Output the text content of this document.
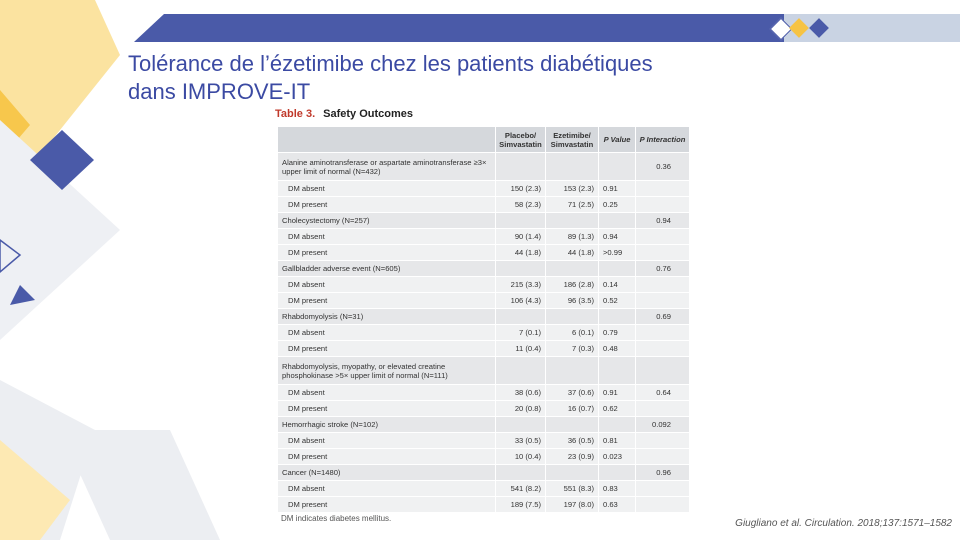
Tolérance de l’ézetimibe chez les patients diabétiques
dans IMPROVE-IT
Table 3. Safety Outcomes
	Placebo/ Simvastatin	Ezetimibe/ Simvastatin	P Value	P Interaction
Alanine aminotransferase or aspartate aminotransferase ≥3× upper limit of normal (N=432)				0.36
DM absent	150 (2.3)	153 (2.3)	0.91	
DM present	58 (2.3)	71 (2.5)	0.25	
Cholecystectomy (N=257)				0.94
DM absent	90 (1.4)	89 (1.3)	0.94	
DM present	44 (1.8)	44 (1.8)	>0.99	
Gallbladder adverse event (N=605)				0.76
DM absent	215 (3.3)	186 (2.8)	0.14	
DM present	106 (4.3)	96 (3.5)	0.52	
Rhabdomyolysis (N=31)				0.69
DM absent	7 (0.1)	6 (0.1)	0.79	
DM present	11 (0.4)	7 (0.3)	0.48	
Rhabdomyolysis, myopathy, or elevated creatine phosphokinase >5× upper limit of normal (N=111)				
DM absent	38 (0.6)	37 (0.6)	0.91	0.64
DM present	20 (0.8)	16 (0.7)	0.62	
Hemorrhagic stroke (N=102)				0.092
DM absent	33 (0.5)	36 (0.5)	0.81	
DM present	10 (0.4)	23 (0.9)	0.023	
Cancer (N=1480)				0.96
DM absent	541 (8.2)	551 (8.3)	0.83	
DM present	189 (7.5)	197 (8.0)	0.63	
DM indicates diabetes mellitus.	Giugliano et al. Circulation. 2018;137:1571–1582
